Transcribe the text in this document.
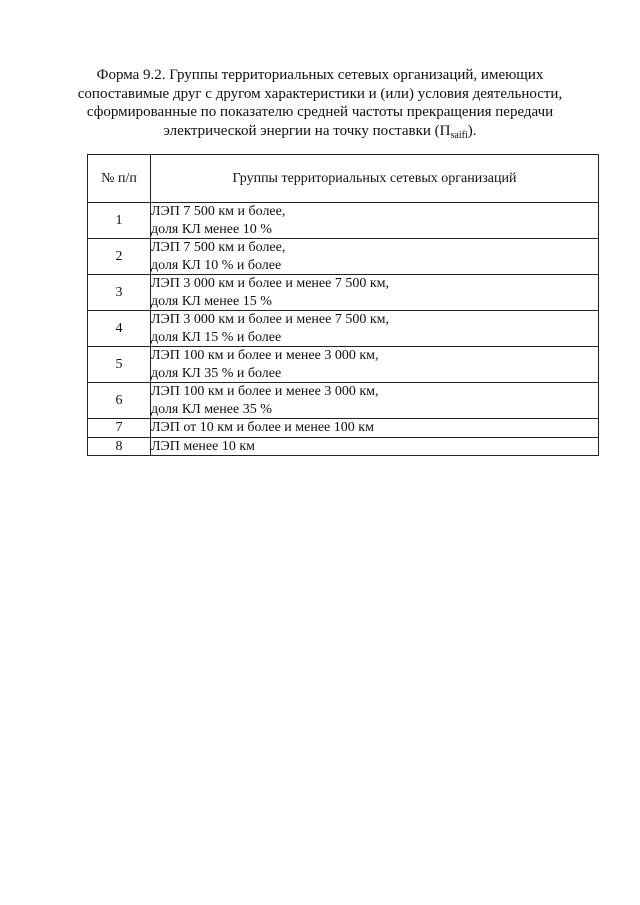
Форма 9.2. Группы территориальных сетевых организаций, имеющих
сопоставимые друг с другом характеристики и (или) условия деятельности,
сформированные по показателю средней частоты прекращения передачи
электрической энергии на точку поставки $(П_{saifi})$.
№ п/п	Группы территориальных сетевых организаций
1	ЛЭП 7 500 км и более,
доля КЛ менее 10 %

2	ЛЭП 7 500 км и более,
доля КЛ 10 % и более

3	ЛЭП 3 000 км и более и менее 7 500 км,
доля КЛ менее 15 %

4	ЛЭП 3 000 км и более и менее 7 500 км,
доля КЛ 15 % и более

5	ЛЭП 100 км и более и менее 3 000 км,
доля КЛ 35 % и более

6	ЛЭП 100 км и более и менее 3 000 км,
доля КЛ менее 35 %

7	ЛЭП от 10 км и более и менее 100 км

8	ЛЭП менее 10 км
